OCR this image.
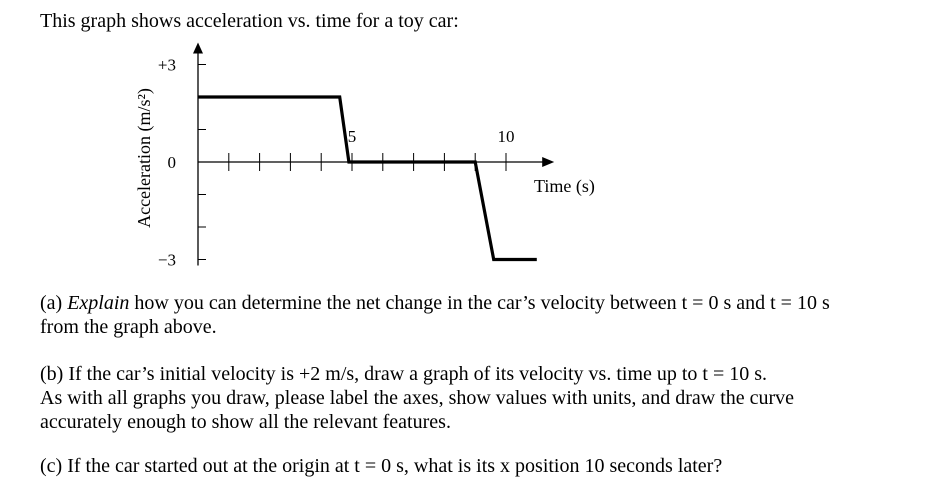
This graph shows acceleration vs. time for a toy car:
+3
0
−3
5	10
Acceleration (m/s²)	Time (s)

(a) Explain how you can determine the net change in the car’s velocity between t = 0 s and t = 10 s

from the graph above.

(b) If the car’s initial velocity is +2 m/s, draw a graph of its velocity vs. time up to t = 10 s.

As with all graphs you draw, please label the axes, show values with units, and draw the curve

accurately enough to show all the relevant features.

(c) If the car started out at the origin at t = 0 s, what is its x position 10 seconds later?
